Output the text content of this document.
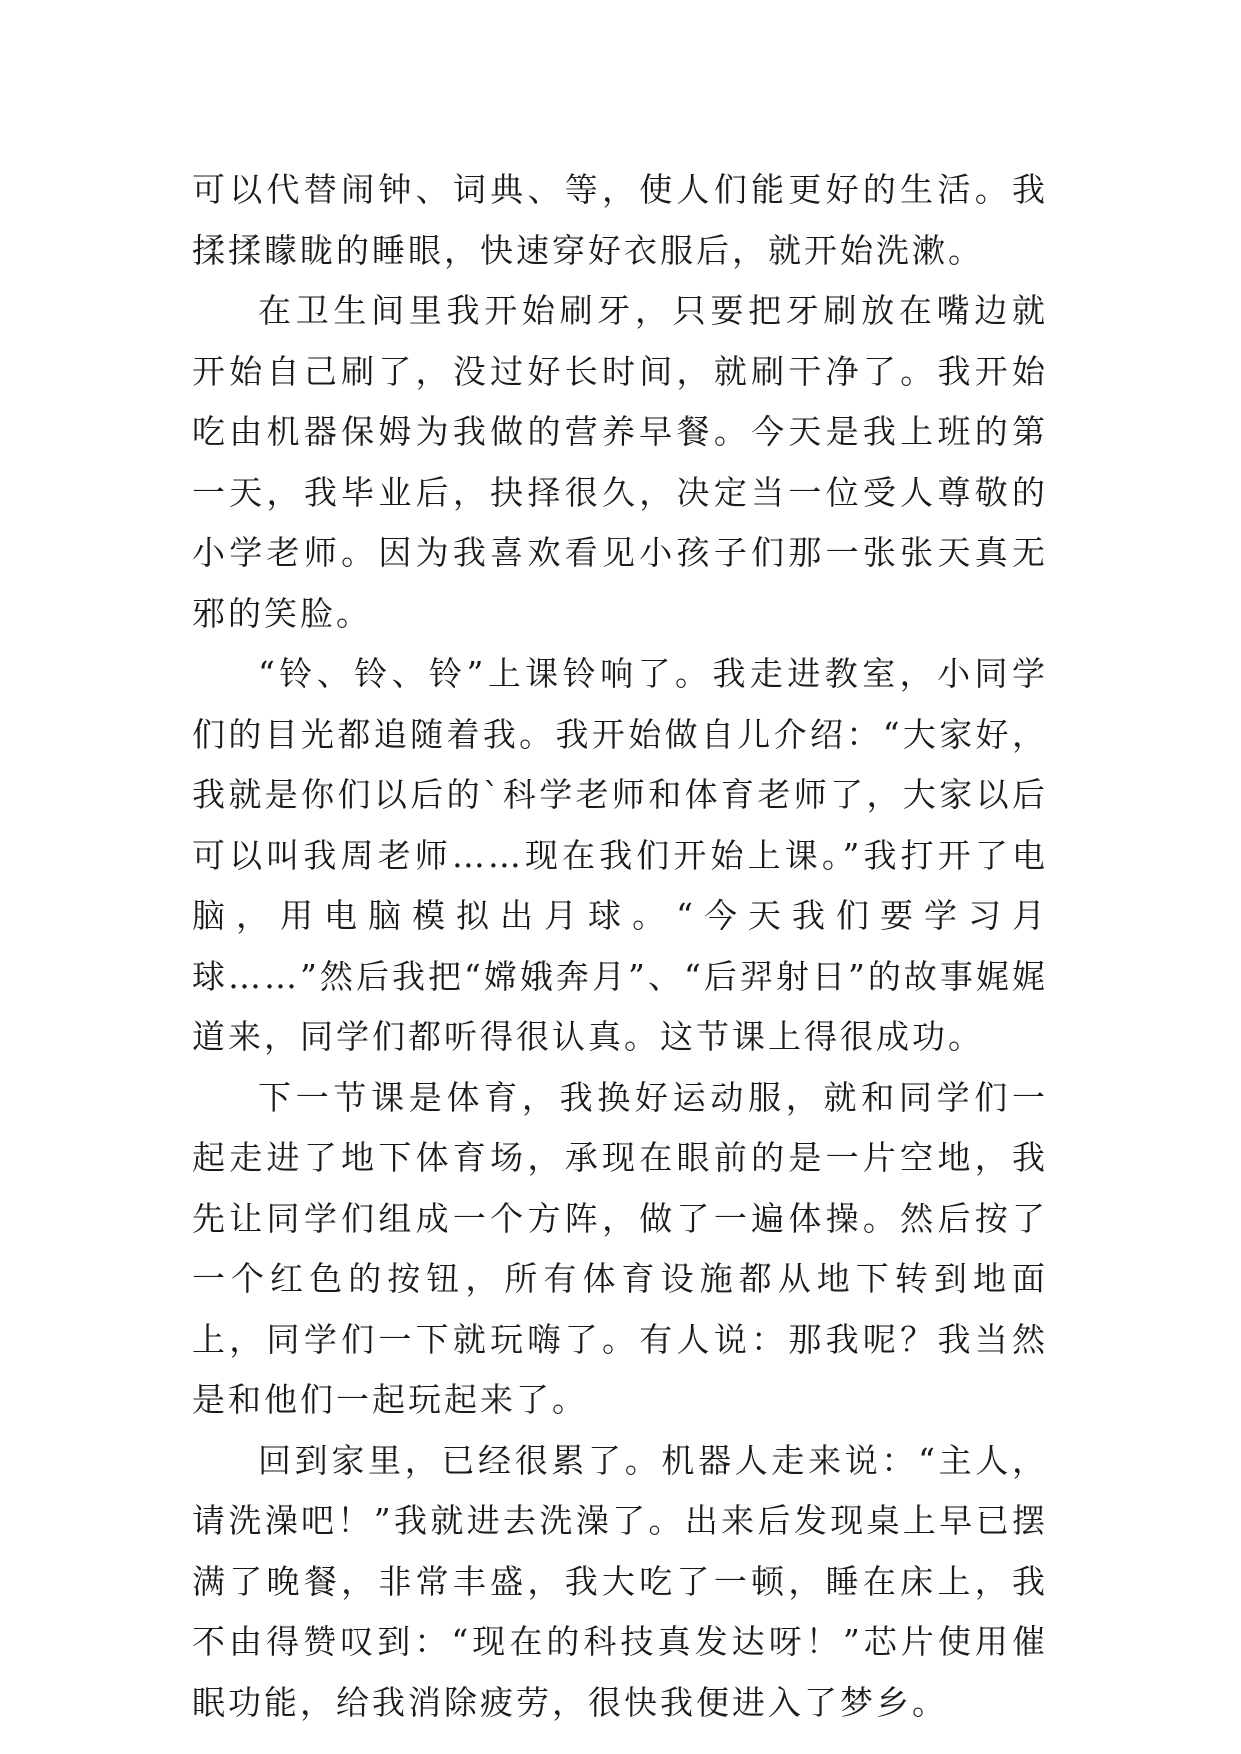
可以代替闹钟、词典、等，使人们能更好的生活。我揉揉矇眬的睡眼，快速穿好衣服后，就开始洗漱。

在卫生间里我开始刷牙，只要把牙刷放在嘴边就开始自己刷了，没过好长时间，就刷干净了。我开始吃由机器保姆为我做的营养早餐。今天是我上班的第一天，我毕业后，抉择很久，决定当一位受人尊敬的小学老师。因为我喜欢看见小孩子们那一张张天真无邪的笑脸。

“铃、铃、铃”上课铃响了。我走进教室，小同学们的目光都追随着我。我开始做自儿介绍：“大家好，我就是你们以后的`科学老师和体育老师了，大家以后可以叫我周老师……现在我们开始上课。”我打开了电脑，用电脑模拟出月球。“今天我们要学习月球……”然后我把“嫦娥奔月”、“后羿射日”的故事娓娓道来，同学们都听得很认真。这节课上得很成功。

下一节课是体育，我换好运动服，就和同学们一起走进了地下体育场，承现在眼前的是一片空地，我先让同学们组成一个方阵，做了一遍体操。然后按了一个红色的按钮，所有体育设施都从地下转到地面上，同学们一下就玩嗨了。有人说：那我呢？我当然是和他们一起玩起来了。

回到家里，已经很累了。机器人走来说：“主人，请洗澡吧！”我就进去洗澡了。出来后发现桌上早已摆满了晚餐，非常丰盛，我大吃了一顿，睡在床上，我不由得赞叹到：“现在的科技真发达呀！”芯片使用催眠功能，给我消除疲劳，很快我便进入了梦乡。
